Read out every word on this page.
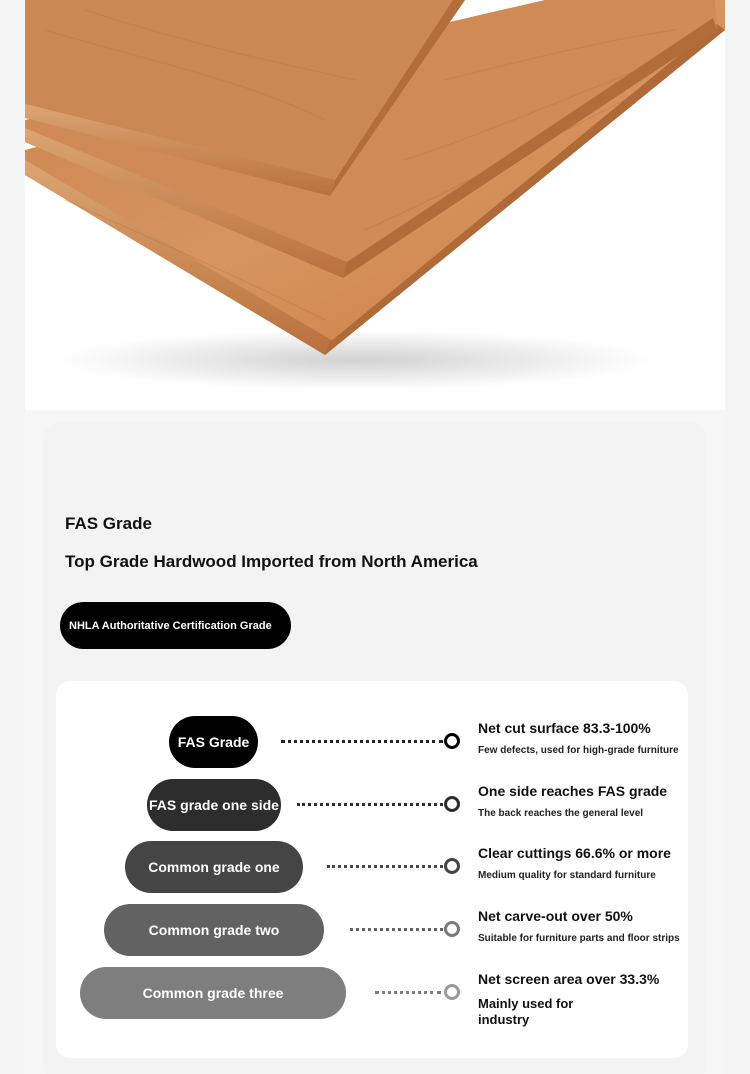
FAS Grade
Top Grade Hardwood Imported from North America
NHLA Authoritative Certification Grade
FAS Grade
Net cut surface 83.3-100%
Few defects, used for high-grade furniture
FAS grade one side
One side reaches FAS grade
The back reaches the general level
Common grade one
Clear cuttings 66.6% or more
Medium quality for standard furniture
Common grade two
Net carve-out over 50%
Suitable for furniture parts and floor strips
Common grade three
Net screen area over 33.3%
Mainly used for industry
